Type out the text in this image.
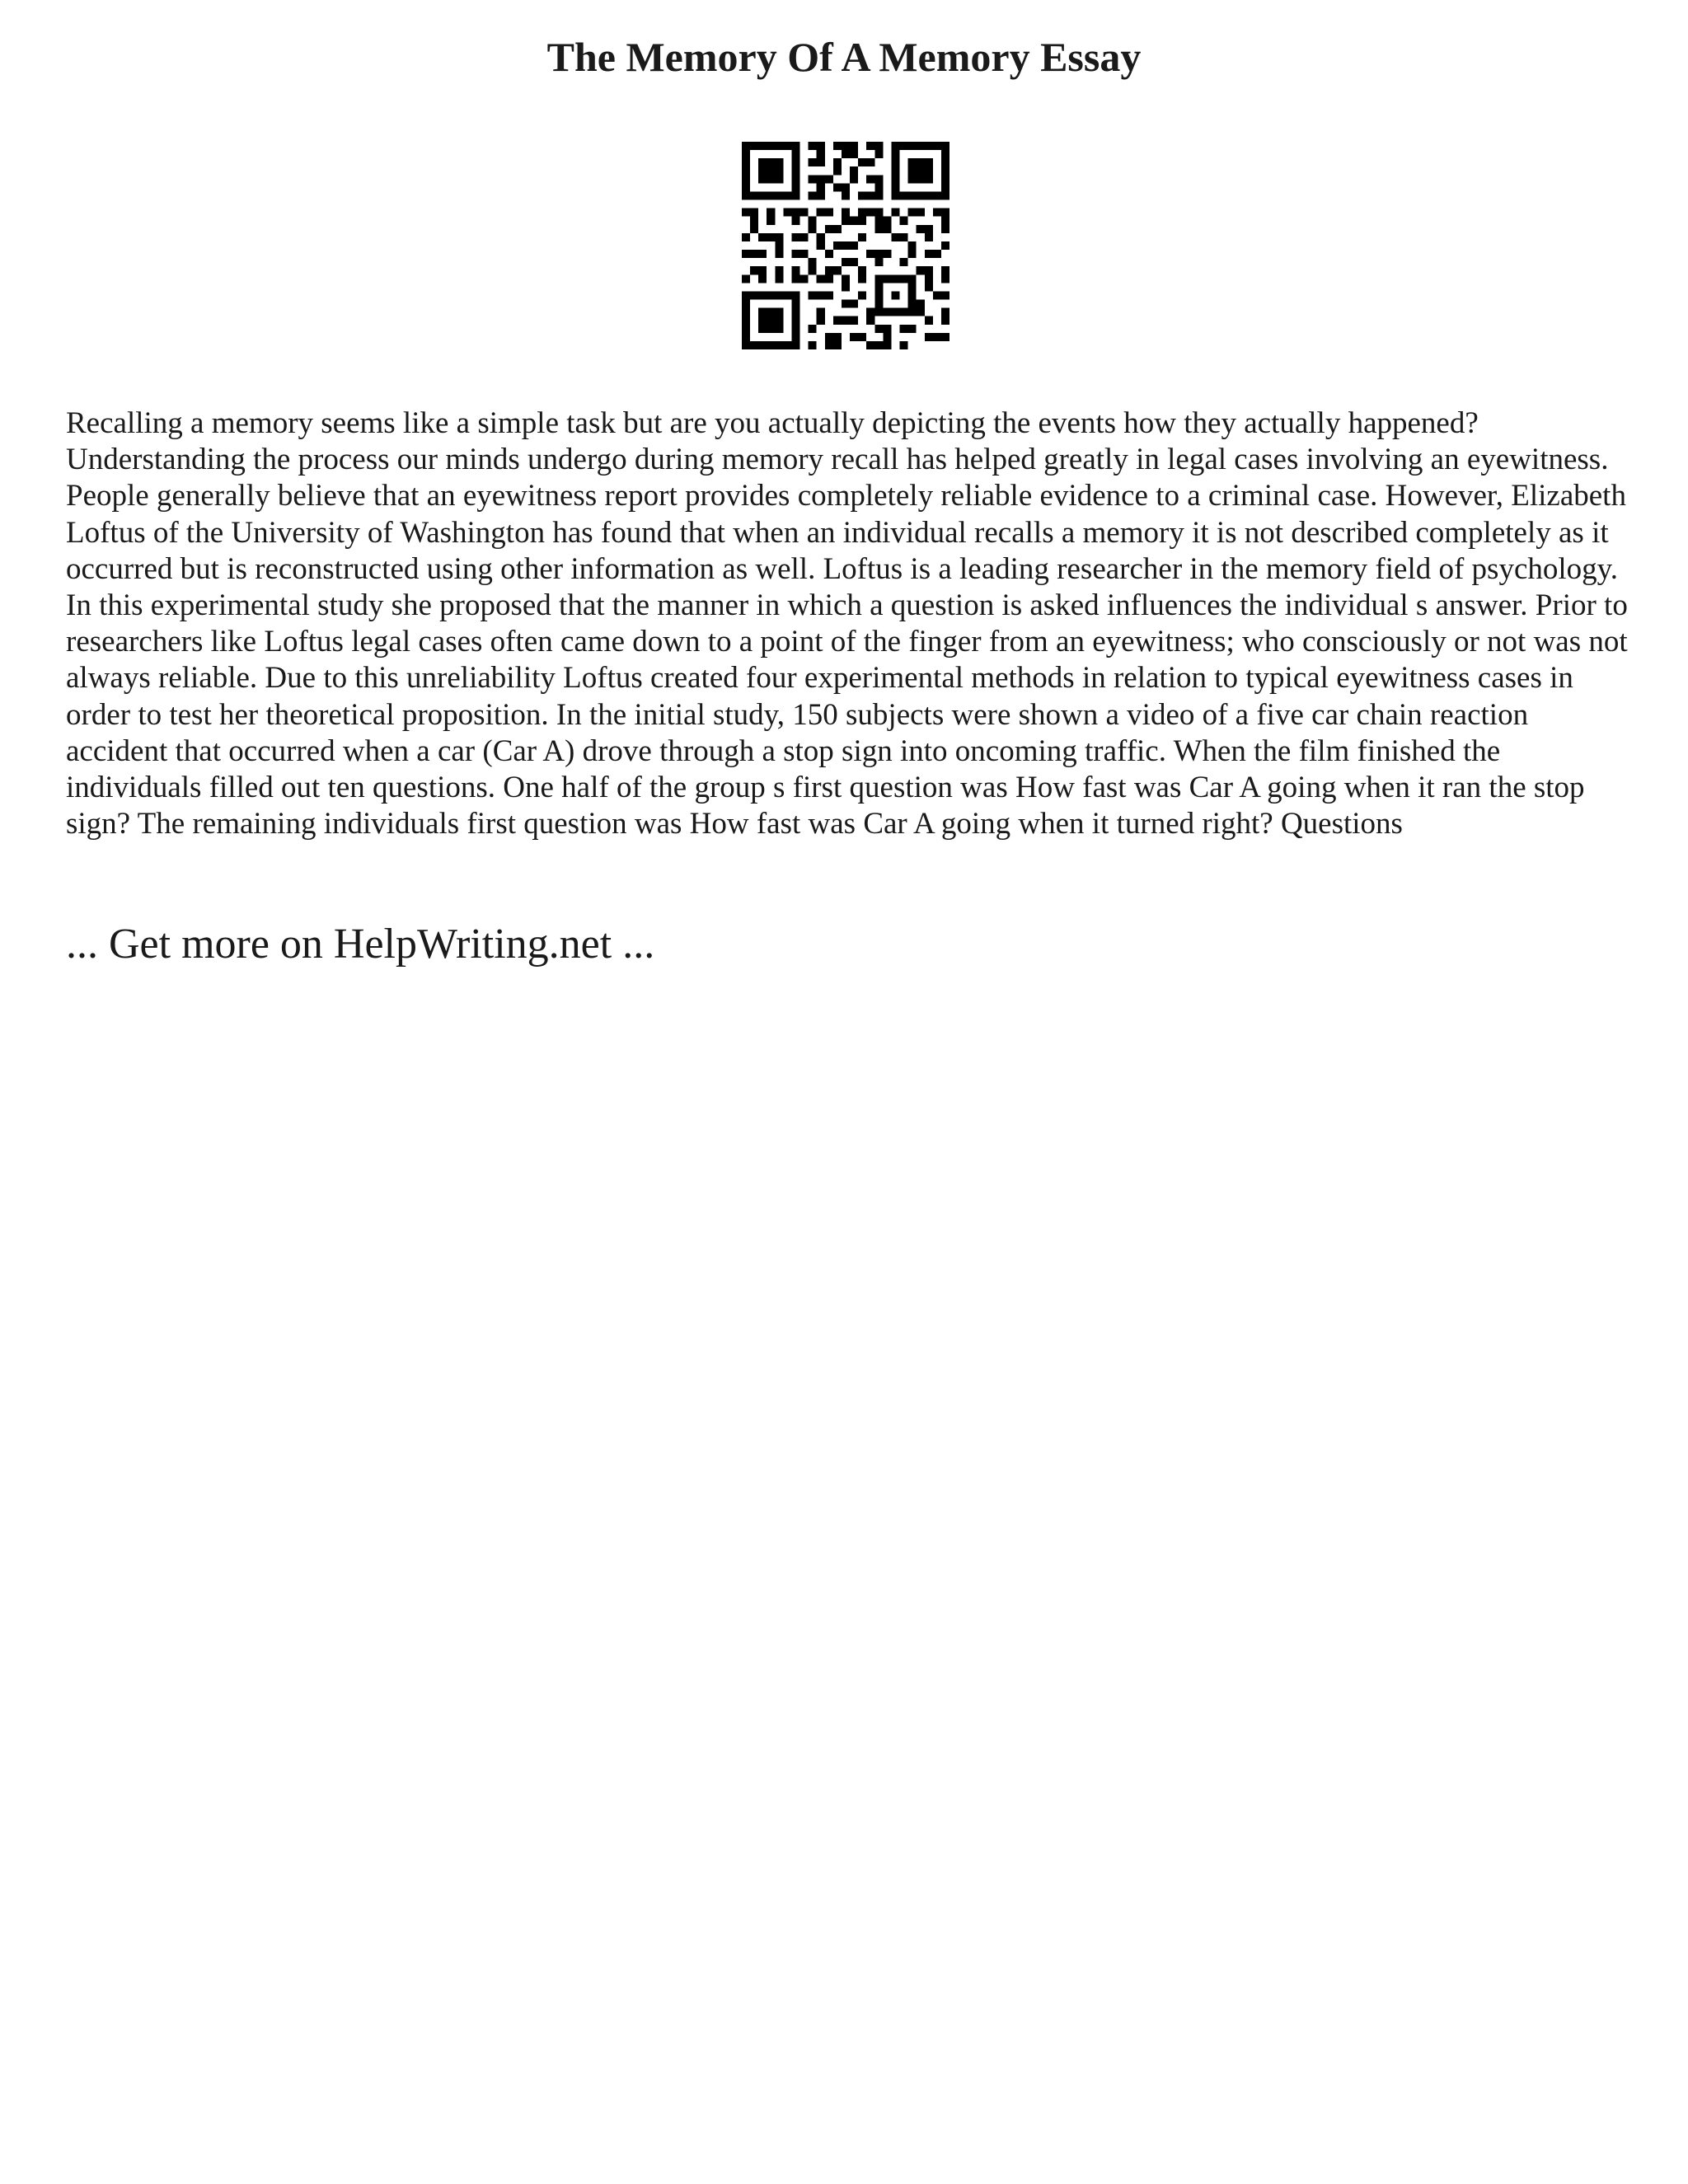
The Memory Of A Memory Essay

Recalling a memory seems like a simple task but are you actually depicting the events how they actually happened? Understanding the process our minds undergo during memory recall has helped greatly in legal cases involving an eyewitness. People generally believe that an eyewitness report provides completely reliable evidence to a criminal case. However, Elizabeth Loftus of the University of Washington has found that when an individual recalls a memory it is not described completely as it occurred but is reconstructed using other information as well. Loftus is a leading researcher in the memory field of psychology. In this experimental study she proposed that the manner in which a question is asked influences the individual s answer. Prior to researchers like Loftus legal cases often came down to a point of the finger from an eyewitness; who consciously or not was not always reliable. Due to this unreliability Loftus created four experimental methods in relation to typical eyewitness cases in order to test her theoretical proposition. In the initial study, 150 subjects were shown a video of a five car chain reaction accident that occurred when a car (Car A) drove through a stop sign into oncoming traffic. When the film finished the individuals filled out ten questions. One half of the group s first question was How fast was Car A going when it ran the stop sign? The remaining individuals first question was How fast was Car A going when it turned right? Questions

... Get more on HelpWriting.net ...
